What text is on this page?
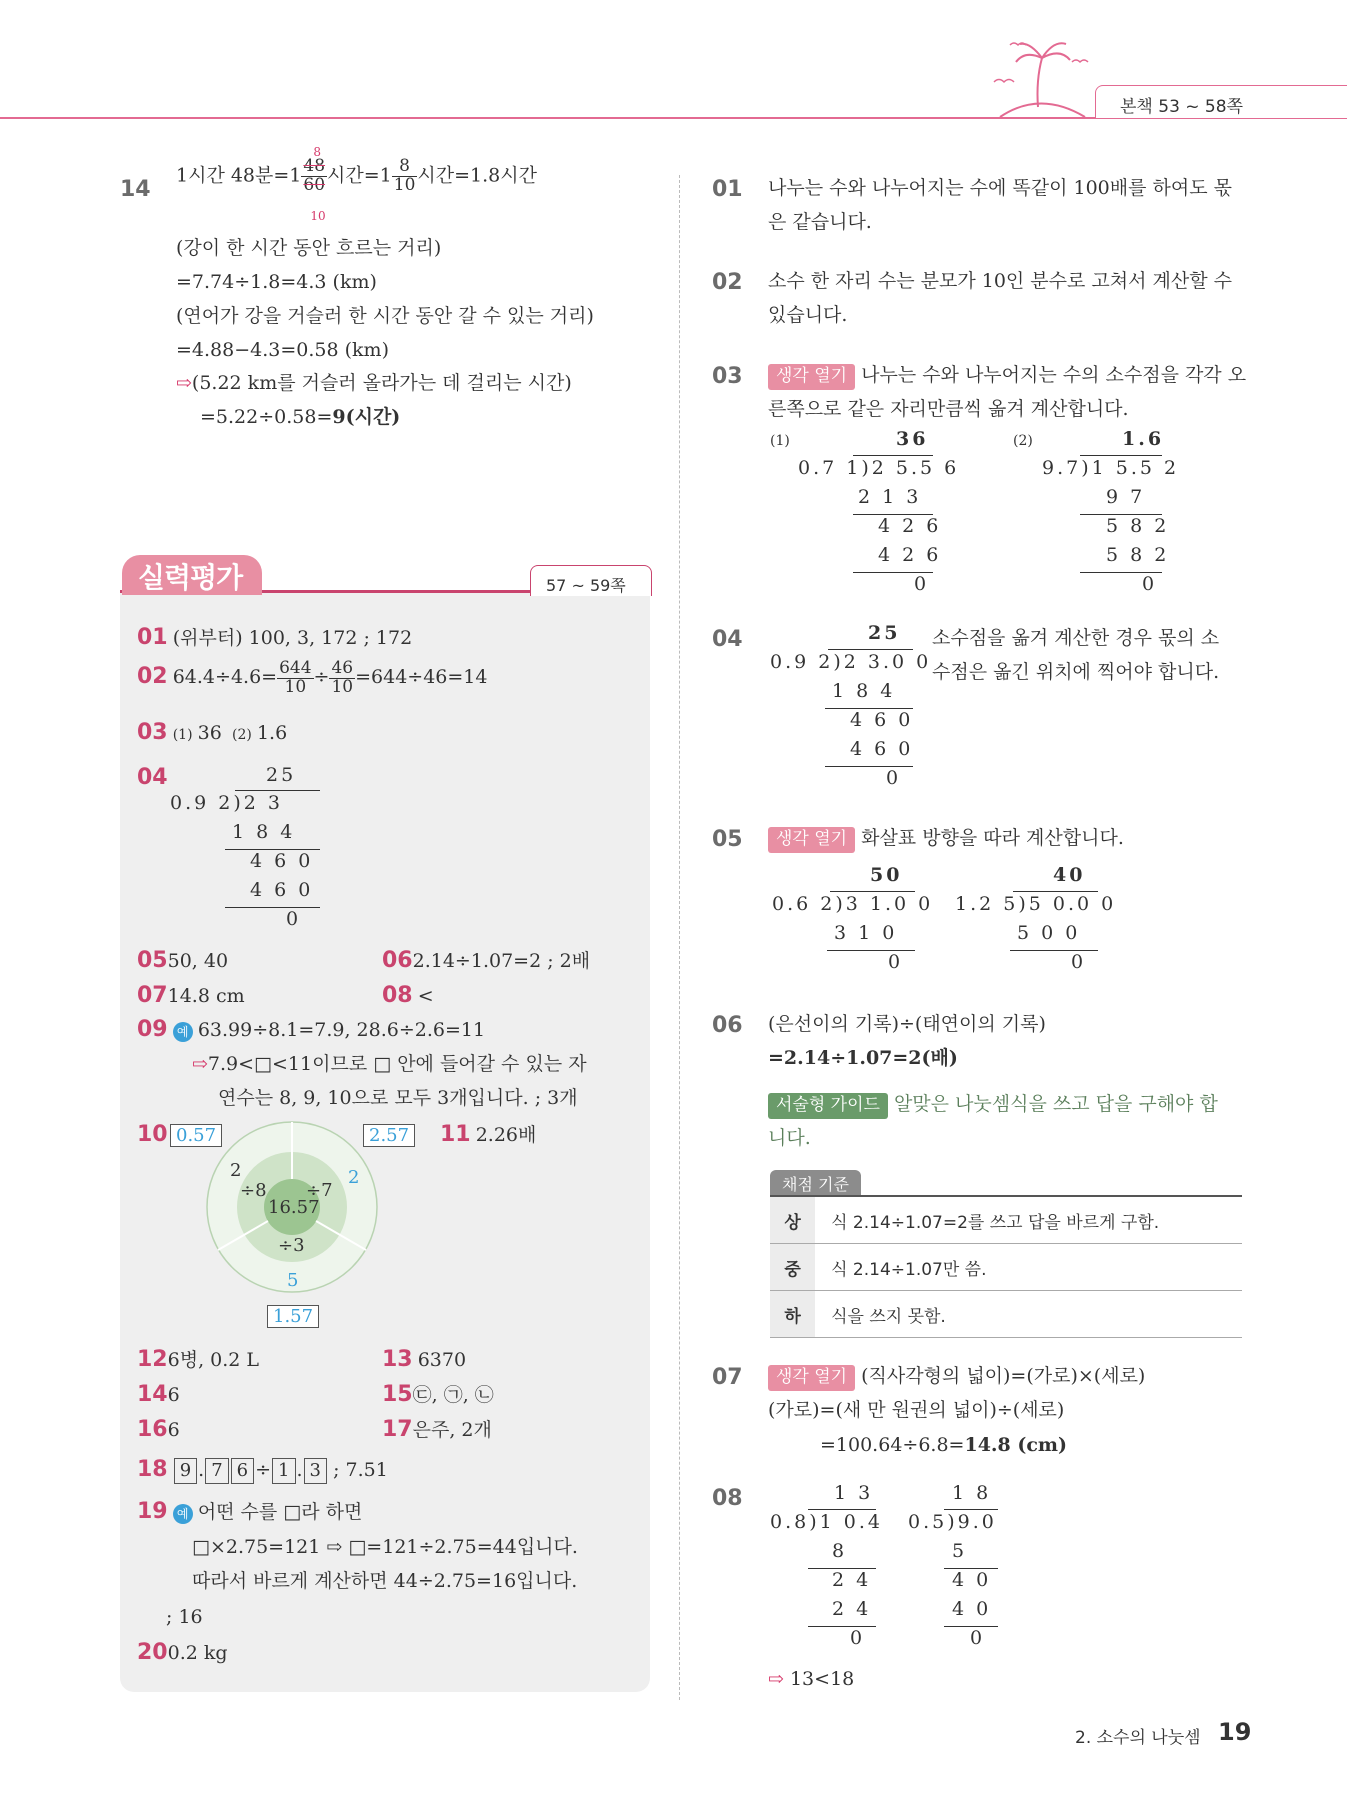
본책 53 ~ 58쪽
14
1시간 48분$=1 \frac{48}{60}$
8
10
시간$=1 \frac{8}{10}$ 시간=1.8시간
(강이 한 시간 동안 흐르는 거리)
=7.74÷1.8=4.3 (km)
(연어가 강을 거슬러 한 시간 동안 갈 수 있는 거리)
=4.88−4.3=0.58 (km)
⇨(5.22 km를 거슬러 올라가는 데 걸리는 시간)
=5.22÷0.58=9(시간)
실력평가	57 ~ 59쪽
01 (위부터) 100, 3, 172 ; 172
02 $64.4\div 4.6= \frac{644}{10} \div \frac{46}{10} =644\div 46=14$
03 (1) 36 (2) 1.6
04	25
0.9 2)2 3
1 8 4
4 6 0
4 6 0
0
0550, 40	062.14÷1.07=2 ; 2배
0714.8 cm	08 <
09 예 63.99÷8.1=7.9, 28.6÷2.6=11
⇨7.9<□<11이므로 □ 안에 들어갈 수 있는 자
연수는 8, 9, 10으로 모두 3개입니다. ; 3개
10 0.57	2.57
1.57
16.57
÷8 ÷7
÷3
2	2
5
11 2.26배
126병, 0.2 L	13 6370
146	15㉢, ㉠, ㉡
166	17은주, 2개
18 9 . 7 6 ÷ 1 . 3 ; 7.51
19 예 어떤 수를 □라 하면
□×2.75=121 ⇨ □=121÷2.75=44입니다.
따라서 바르게 계산하면 44÷2.75=16입니다.
; 16
200.2 kg
01 나누는 수와 나누어지는 수에 똑같이 100배를 하여도 몫
은 같습니다.
02 소수 한 자리 수는 분모가 10인 분수로 고쳐서 계산할 수
있습니다.
03	생각 열기 나누는 수와 나누어지는 수의 소수점을 각각 오
른쪽으로 같은 자리만큼씩 옮겨 계산합니다.
(1)	36
0.7 1)2 5.5 6
2 1 3
4 2 6
4 2 6
0
(2)	1.6
9.7)1 5.5 2
9 7
5 8 2
5 8 2
0
04	25
0.9 2)2 3.0 0
1 8 4
4 6 0
4 6 0
0
소수점을 옮겨 계산한 경우 몫의 소
수점은 옮긴 위치에 찍어야 합니다.
05	생각 열기 화살표 방향을 따라 계산합니다.
50
0.6 2)3 1.0 0
3 1 0
0
40
1.2 5)5 0.0 0
5 0 0
0
06 (은선이의 기록)÷(태연이의 기록)
=2.14÷1.07=2(배)
서술형 가이드 알맞은 나눗셈식을 쓰고 답을 구해야 합
니다.
채점 기준
상	식 2.14÷1.07=2를 쓰고 답을 바르게 구함.
중	식 2.14÷1.07만 씀.
하	식을 쓰지 못함.
07	생각 열기 (직사각형의 넓이)=(가로)×(세로)
(가로)=(새 만 원권의 넓이)÷(세로)
=100.64÷6.8=14.8 (cm)
08	1 3
0.8)1 0.4
8
2 4
2 4
0
1 8
0.5)9.0
5
4 0
4 0
0
⇨ 13<18
2. 소수의 나눗셈 19
